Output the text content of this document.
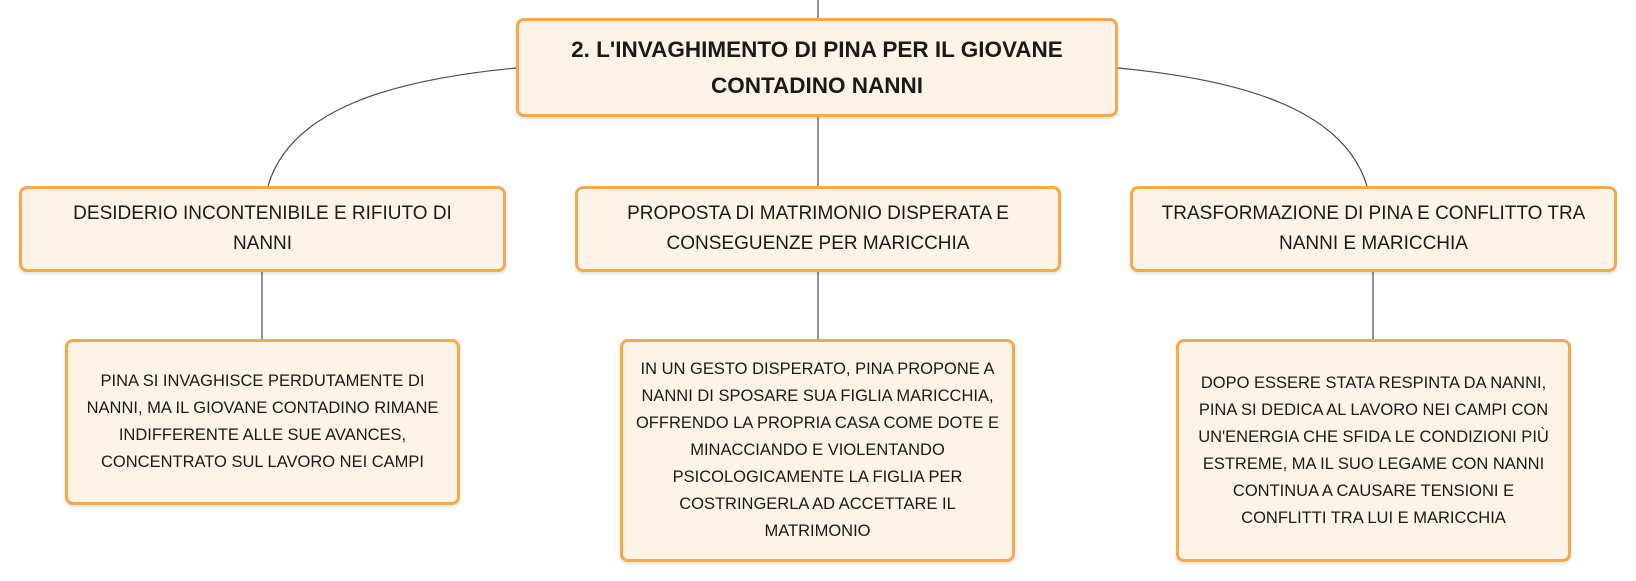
2. L'INVAGHIMENTO DI PINA PER IL GIOVANE CONTADINO NANNI
DESIDERIO INCONTENIBILE E RIFIUTO DI NANNI
PROPOSTA DI MATRIMONIO DISPERATA E CONSEGUENZE PER MARICCHIA
TRASFORMAZIONE DI PINA E CONFLITTO TRA NANNI E MARICCHIA
PINA SI INVAGHISCE PERDUTAMENTE DI NANNI, MA IL GIOVANE CONTADINO RIMANE INDIFFERENTE ALLE SUE AVANCES, CONCENTRATO SUL LAVORO NEI CAMPI
IN UN GESTO DISPERATO, PINA PROPONE A NANNI DI SPOSARE SUA FIGLIA MARICCHIA, OFFRENDO LA PROPRIA CASA COME DOTE E MINACCIANDO E VIOLENTANDO PSICOLOGICAMENTE LA FIGLIA PER COSTRINGERLA AD ACCETTARE IL MATRIMONIO
DOPO ESSERE STATA RESPINTA DA NANNI, PINA SI DEDICA AL LAVORO NEI CAMPI CON UN'ENERGIA CHE SFIDA LE CONDIZIONI PIÙ ESTREME, MA IL SUO LEGAME CON NANNI CONTINUA A CAUSARE TENSIONI E CONFLITTI TRA LUI E MARICCHIA
